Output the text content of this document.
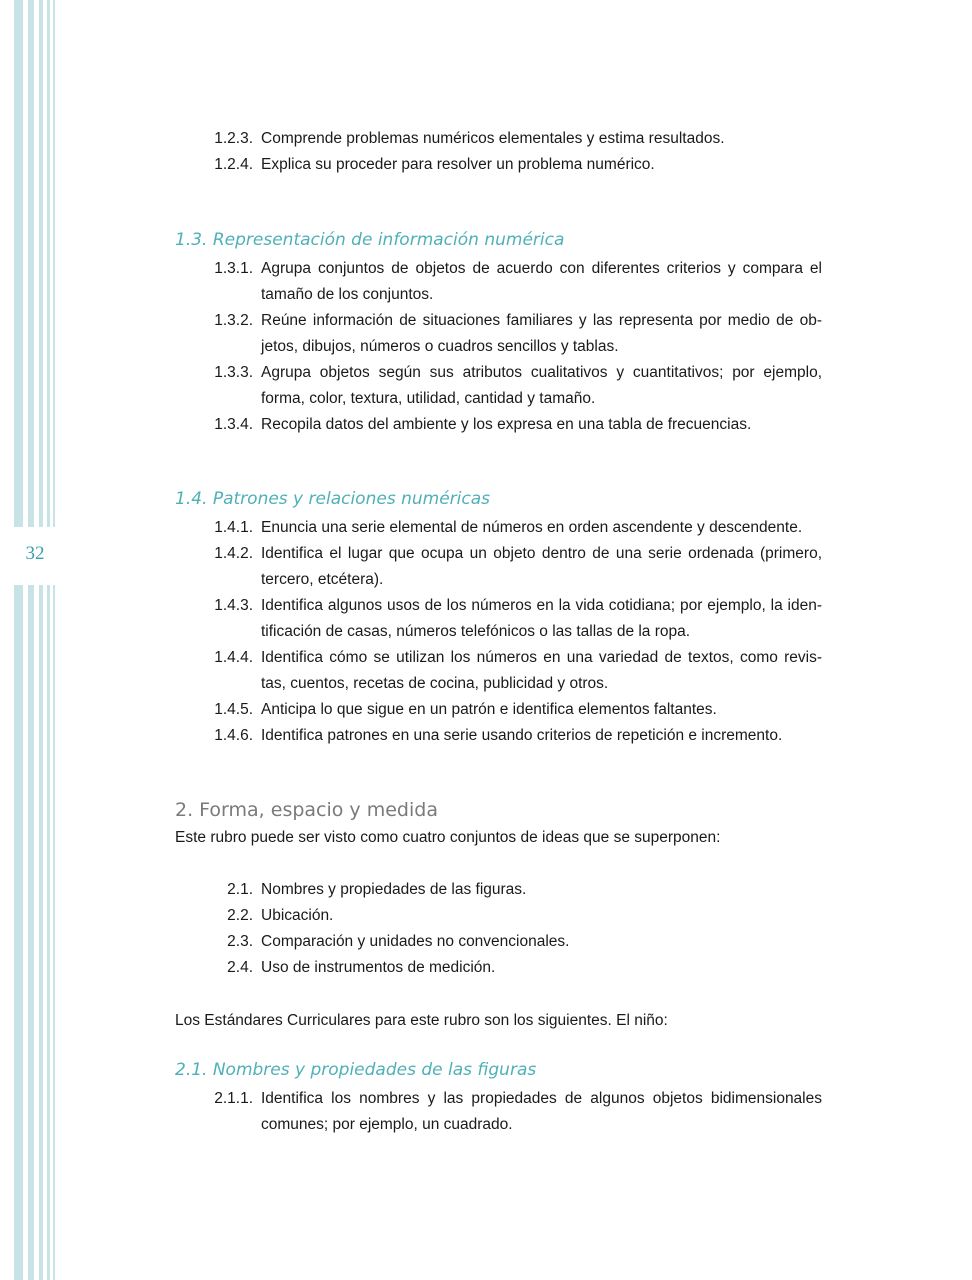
32
1.2.3. Comprende problemas numéricos elementales y estima resultados.
1.2.4. Explica su proceder para resolver un problema numérico.
1.3. Representación de información numérica
1.3.1. Agrupa conjuntos de objetos de acuerdo con diferentes criterios y compara el
tamaño de los conjuntos.
1.3.2. Reúne información de situaciones familiares y las representa por medio de ob-
jetos, dibujos, números o cuadros sencillos y tablas.
1.3.3. Agrupa objetos según sus atributos cualitativos y cuantitativos; por ejemplo,
forma, color, textura, utilidad, cantidad y tamaño.
1.3.4. Recopila datos del ambiente y los expresa en una tabla de frecuencias.
1.4. Patrones y relaciones numéricas
1.4.1. Enuncia una serie elemental de números en orden ascendente y descendente.
1.4.2. Identifica el lugar que ocupa un objeto dentro de una serie ordenada (primero,
tercero, etcétera).
1.4.3. Identifica algunos usos de los números en la vida cotidiana; por ejemplo, la iden-
tificación de casas, números telefónicos o las tallas de la ropa.
1.4.4. Identifica cómo se utilizan los números en una variedad de textos, como revis-
tas, cuentos, recetas de cocina, publicidad y otros.
1.4.5. Anticipa lo que sigue en un patrón e identifica elementos faltantes.
1.4.6. Identifica patrones en una serie usando criterios de repetición e incremento.
2. Forma, espacio y medida
Este rubro puede ser visto como cuatro conjuntos de ideas que se superponen:
2.1. Nombres y propiedades de las figuras.
2.2. Ubicación.
2.3. Comparación y unidades no convencionales.
2.4. Uso de instrumentos de medición.
Los Estándares Curriculares para este rubro son los siguientes. El niño:
2.1. Nombres y propiedades de las figuras
2.1.1. Identifica los nombres y las propiedades de algunos objetos bidimensionales
comunes; por ejemplo, un cuadrado.
